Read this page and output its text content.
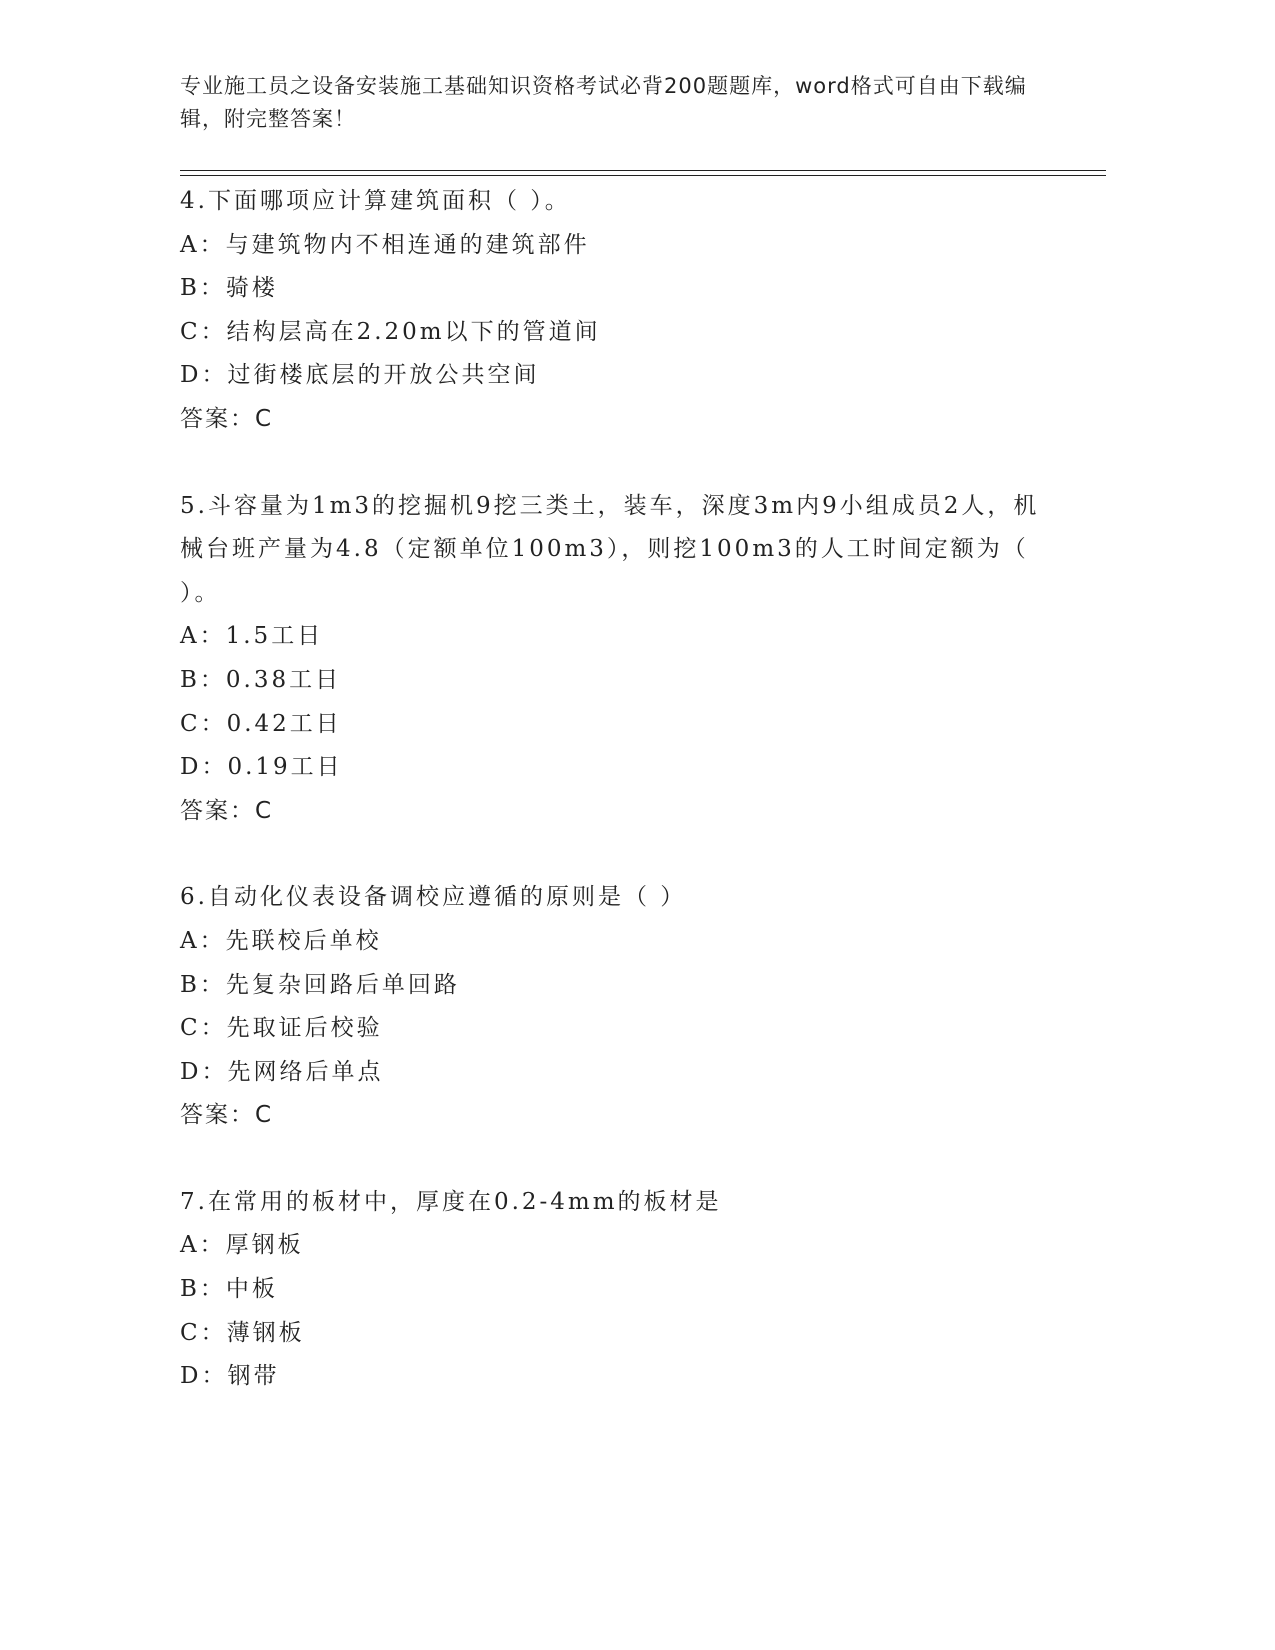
专业施工员之设备安装施工基础知识资格考试必背200题题库，word格式可自由下载编辑，附完整答案！
4.下面哪项应计算建筑面积（ ）。
A：与建筑物内不相连通的建筑部件
B：骑楼
C：结构层高在2.20m以下的管道间
D：过街楼底层的开放公共空间
答案：C
5.斗容量为1m3的挖掘机9挖三类土，装车，深度3m内9小组成员2人，机械台班产量为4.8（定额单位100m3），则挖100m3的人工时间定额为（ ）。
A：1.5工日
B：0.38工日
C：0.42工日
D：0.19工日
答案：C
6.自动化仪表设备调校应遵循的原则是（ ）
A：先联校后单校
B：先复杂回路后单回路
C：先取证后校验
D：先网络后单点
答案：C
7.在常用的板材中，厚度在0.2-4mm的板材是
A：厚钢板
B：中板
C：薄钢板
D：钢带
